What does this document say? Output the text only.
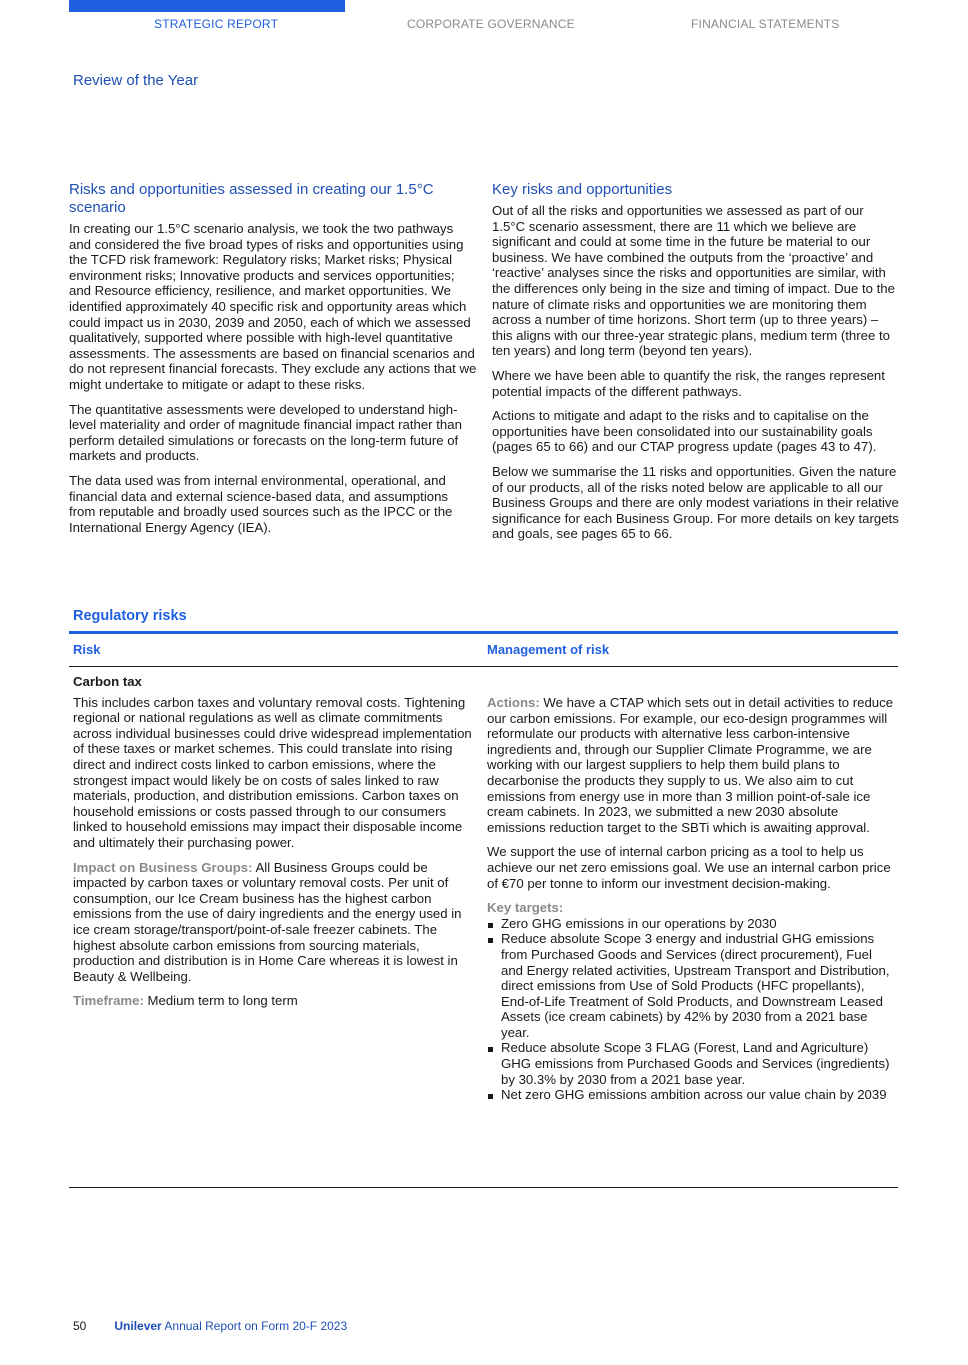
STRATEGIC REPORT	CORPORATE GOVERNANCE	FINANCIAL STATEMENTS
Review of the Year
Risks and opportunities assessed in creating our 1.5°C scenario

In creating our 1.5°C scenario analysis, we took the two pathways and considered the five broad types of risks and opportunities using the TCFD risk framework: Regulatory risks; Market risks; Physical environment risks; Innovative products and services opportunities; and Resource efficiency, resilience, and market opportunities. We identified approximately 40 specific risk and opportunity areas which could impact us in 2030, 2039 and 2050, each of which we assessed qualitatively, supported where possible with high-level quantitative assessments. The assessments are based on financial scenarios and do not represent financial forecasts. They exclude any actions that we might undertake to mitigate or adapt to these risks.

The quantitative assessments were developed to understand high-level materiality and order of magnitude financial impact rather than perform detailed simulations or forecasts on the long-term future of markets and products.

The data used was from internal environmental, operational, and financial data and external science-based data, and assumptions from reputable and broadly used sources such as the IPCC or the International Energy Agency (IEA).

Key risks and opportunities

Out of all the risks and opportunities we assessed as part of our 1.5°C scenario assessment, there are 11 which we believe are significant and could at some time in the future be material to our business. We have combined the outputs from the ‘proactive’ and ‘reactive’ analyses since the risks and opportunities are similar, with the differences only being in the size and timing of impact. Due to the nature of climate risks and opportunities we are monitoring them across a number of time horizons. Short term (up to three years) – this aligns with our three-year strategic plans, medium term (three to ten years) and long term (beyond ten years).

Where we have been able to quantify the risk, the ranges represent potential impacts of the different pathways.

Actions to mitigate and adapt to the risks and to capitalise on the opportunities have been consolidated into our sustainability goals (pages 65 to 66) and our CTAP progress update (pages 43 to 47).

Below we summarise the 11 risks and opportunities. Given the nature of our products, all of the risks noted below are applicable to all our Business Groups and there are only modest variations in their relative significance for each Business Group. For more details on key targets and goals, see pages 65 to 66.

Regulatory risks
Risk	Management of risk
Carbon tax

This includes carbon taxes and voluntary removal costs. Tightening regional or national regulations as well as climate commitments across individual businesses could drive widespread implementation of these taxes or market schemes. This could translate into rising direct and indirect costs linked to carbon emissions, where the strongest impact would likely be on costs of sales linked to raw materials, production, and distribution emissions. Carbon taxes on household emissions or costs passed through to our consumers linked to household emissions may impact their disposable income and ultimately their purchasing power.

Impact on Business Groups: All Business Groups could be impacted by carbon taxes or voluntary removal costs. Per unit of consumption, our Ice Cream business has the highest carbon emissions from the use of dairy ingredients and the energy used in ice cream storage/transport/point-of-sale freezer cabinets. The highest absolute carbon emissions from sourcing materials, production and distribution is in Home Care whereas it is lowest in Beauty & Wellbeing.

Timeframe: Medium term to long term

Actions: We have a CTAP which sets out in detail activities to reduce our carbon emissions. For example, our eco-design programmes will reformulate our products with alternative less carbon-intensive ingredients and, through our Supplier Climate Programme, we are working with our largest suppliers to help them build plans to decarbonise the products they supply to us. We also aim to cut emissions from energy use in more than 3 million point-of-sale ice cream cabinets. In 2023, we submitted a new 2030 absolute emissions reduction target to the SBTi which is awaiting approval.

We support the use of internal carbon pricing as a tool to help us achieve our net zero emissions goal. We use an internal carbon price of €70 per tonne to inform our investment decision-making.

Key targets:
Zero GHG emissions in our operations by 2030
Reduce absolute Scope 3 energy and industrial GHG emissions from Purchased Goods and Services (direct procurement), Fuel and Energy related activities, Upstream Transport and Distribution, direct emissions from Use of Sold Products (HFC propellants), End-of-Life Treatment of Sold Products, and Downstream Leased Assets (ice cream cabinets) by 42% by 2030 from a 2021 base year.
Reduce absolute Scope 3 FLAG (Forest, Land and Agriculture) GHG emissions from Purchased Goods and Services (ingredients) by 30.3% by 2030 from a 2021 base year.
Net zero GHG emissions ambition across our value chain by 2039
50 Unilever Annual Report on Form 20-F 2023
